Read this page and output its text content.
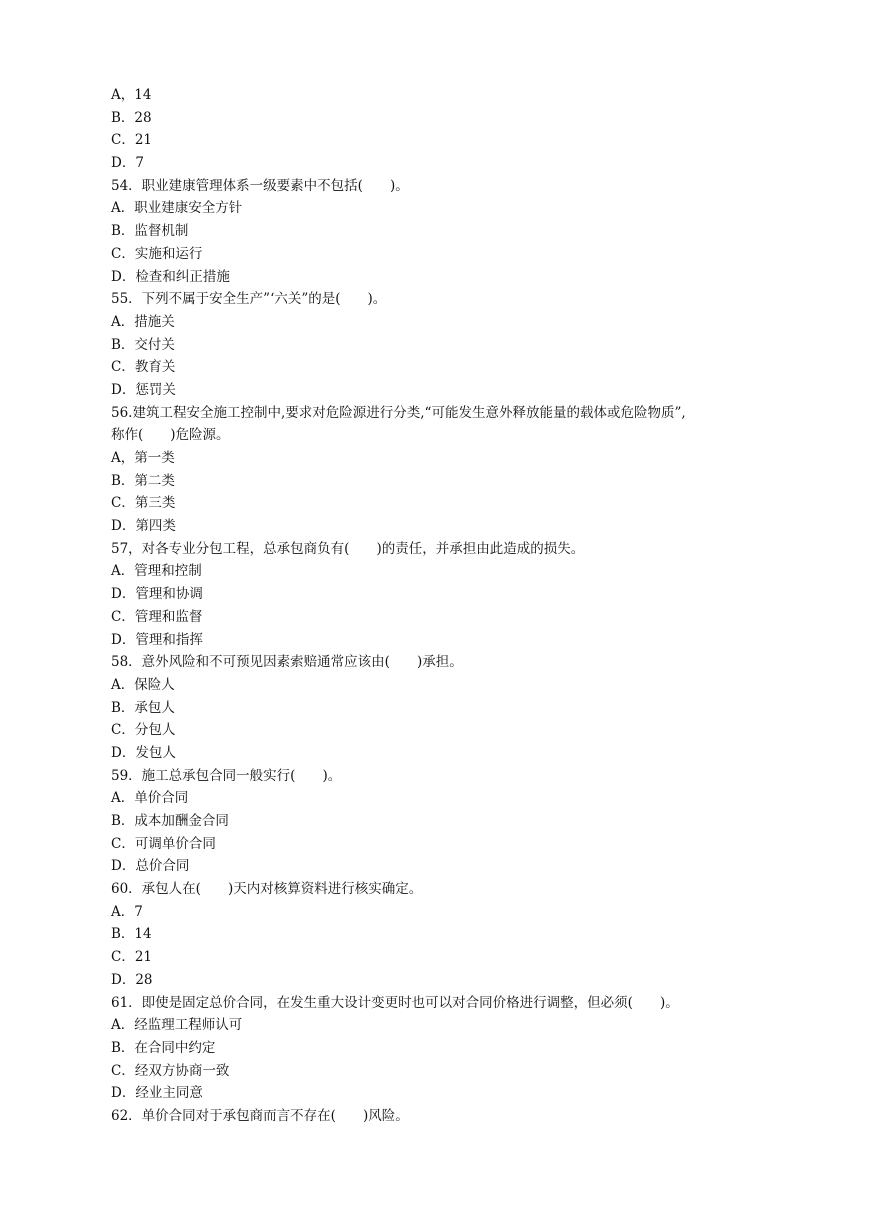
A，14
B．28
C．21
D．7
54．职业建康管理体系一级要素中不包括(　　)。
A．职业建康安全方针
B．监督机制
C．实施和运行
D．检查和纠正措施
55．下列不属于安全生产”‘六关”的是(　　)。
A．措施关
B．交付关
C．教育关
D．惩罚关
56.建筑工程安全施工控制中,要求对危险源进行分类,“可能发生意外释放能量的载体或危险物质”,
称作(　　)危险源。
A，第一类
B．第二类
C．第三类
D．第四类
57，对各专业分包工程，总承包商负有(　　)的责任，并承担由此造成的损失。
A．管理和控制
D．管理和协调
C．管理和监督
D．管理和指挥
58．意外风险和不可预见因素索赔通常应该由(　　)承担。
A．保险人
B．承包人
C．分包人
D．发包人
59．施工总承包合同一般实行(　　)。
A．单价合同
B．成本加酬金合同
C．可调单价合同
D．总价合同
60．承包人在(　　)天内对核算资料进行核实确定。
A．7
B．14
C．21
D．28
61．即使是固定总价合同，在发生重大设计变更时也可以对合同价格进行调整，但必须(　　)。
A．经监理工程师认可
B．在合同中约定
C．经双方协商一致
D．经业主同意
62．单价合同对于承包商而言不存在(　　)风险。
